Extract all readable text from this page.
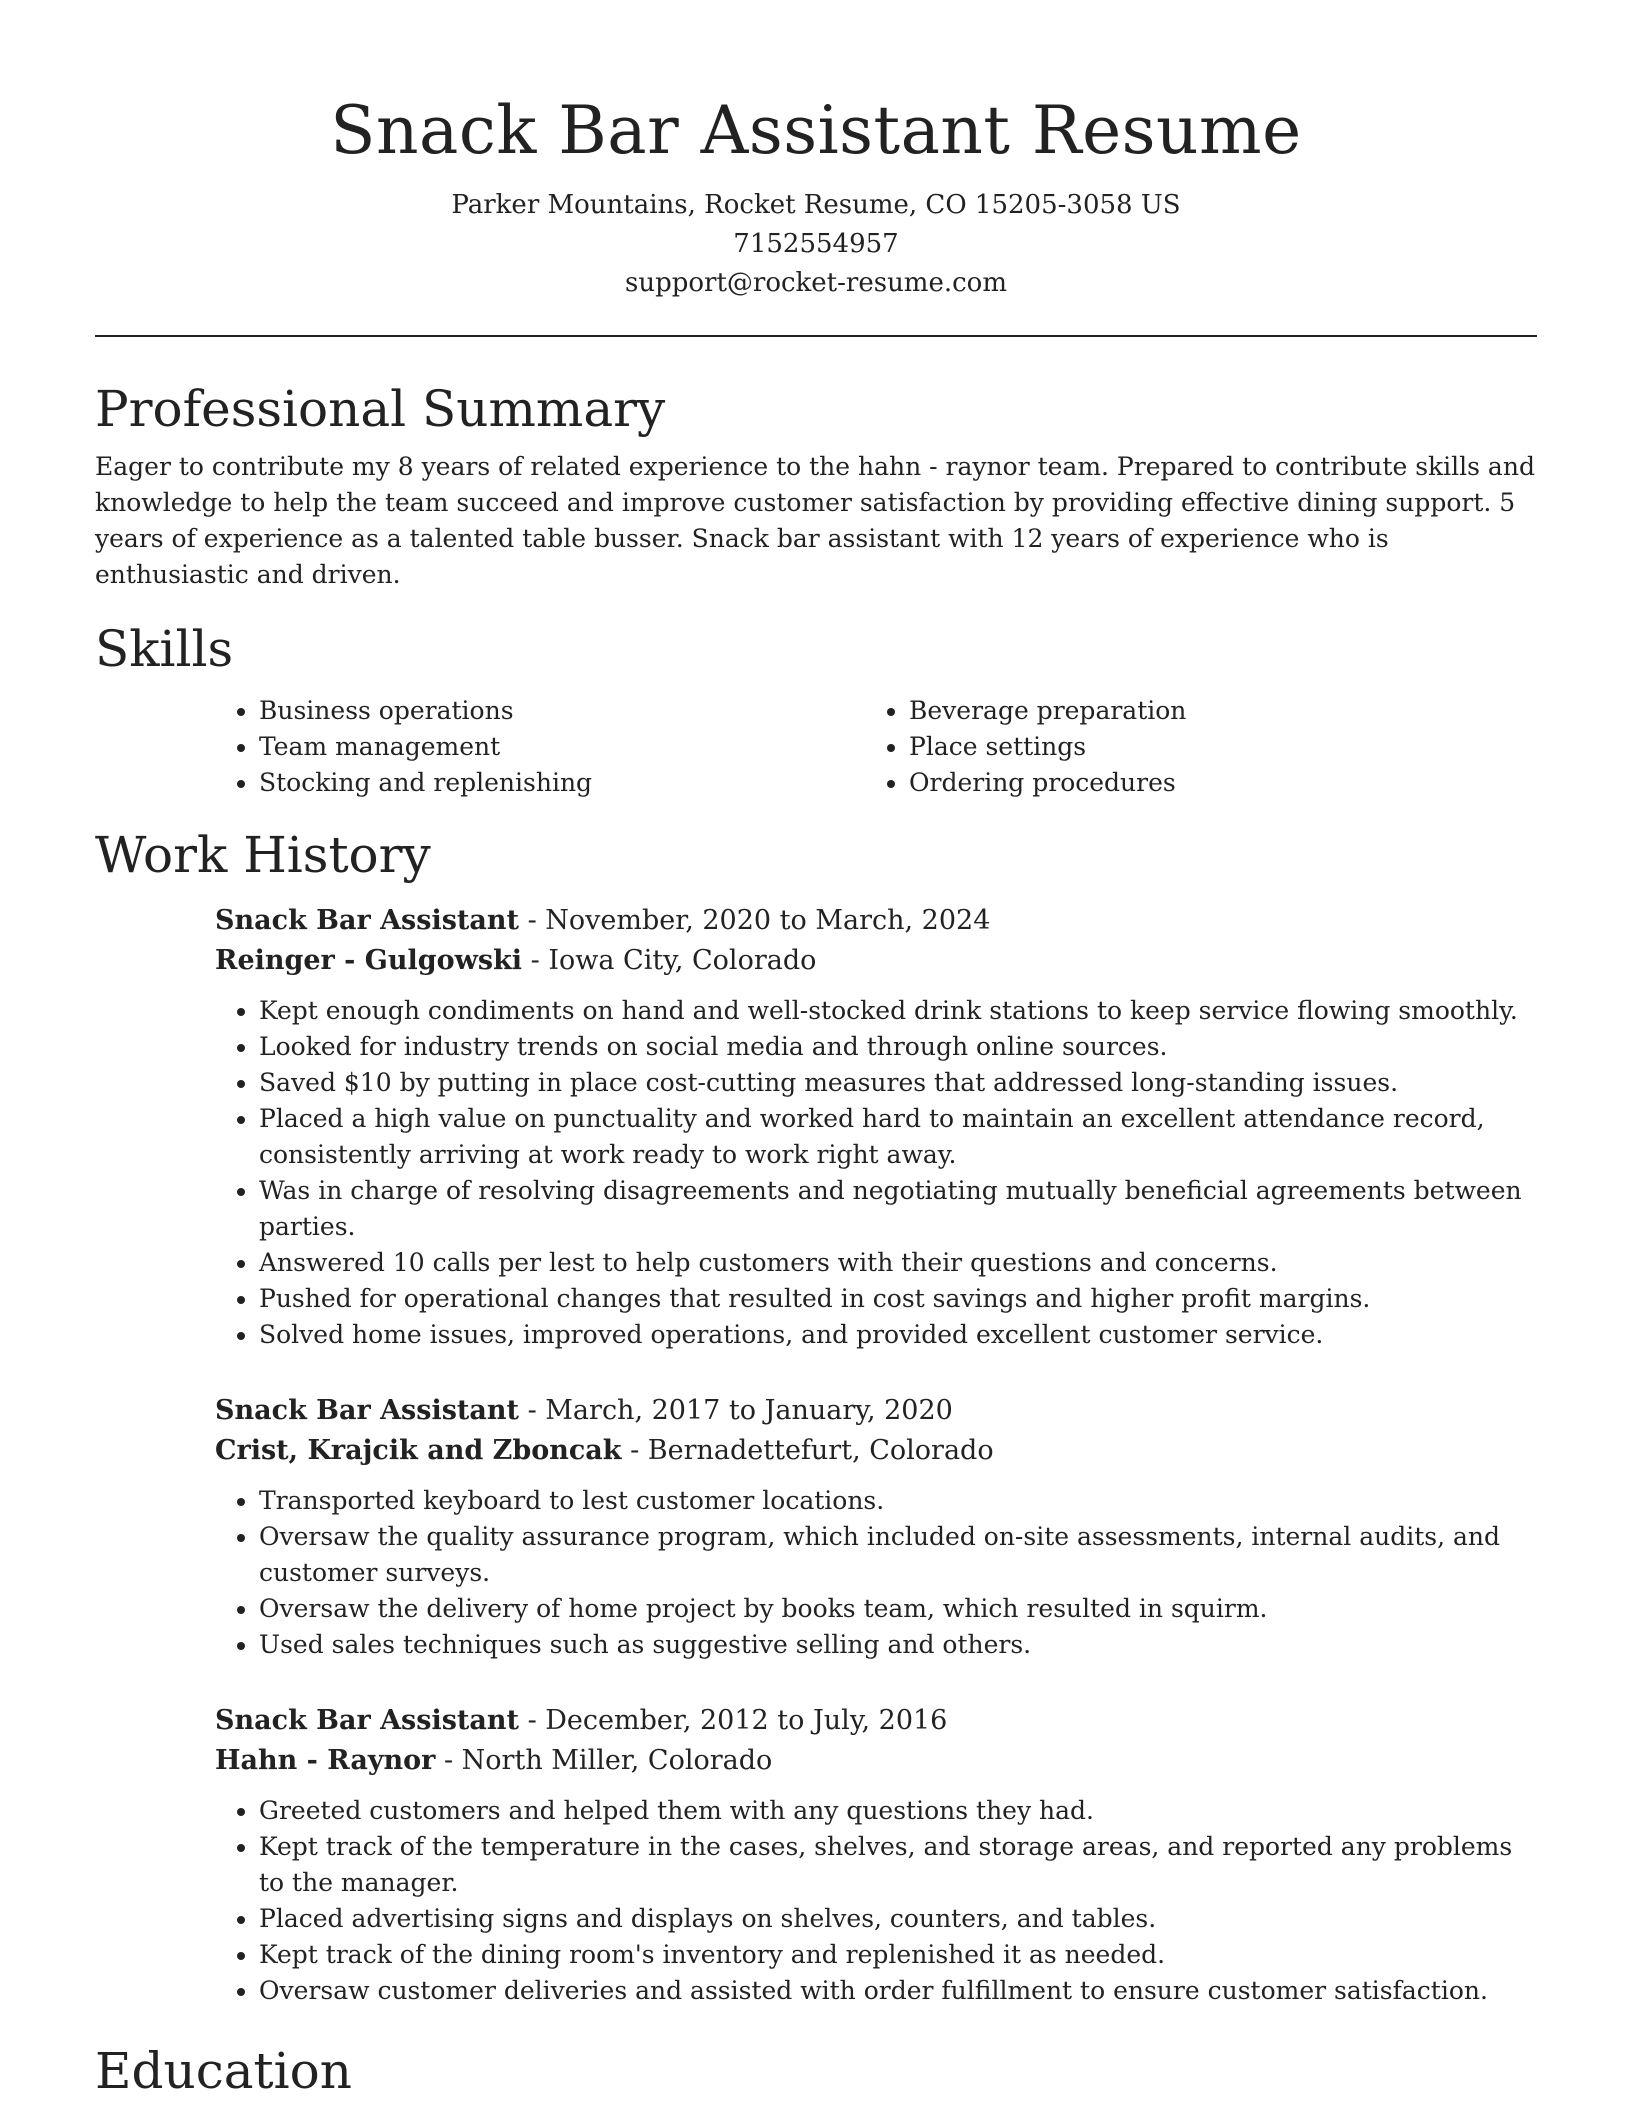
Snack Bar Assistant Resume

Parker Mountains, Rocket Resume, CO 15205-3058 US

7152554957

support@rocket-resume.com

Professional Summary

Eager to contribute my 8 years of related experience to the hahn - raynor team. Prepared to contribute skills and knowledge to help the team succeed and improve customer satisfaction by providing effective dining support. 5 years of experience as a talented table busser. Snack bar assistant with 12 years of experience who is enthusiastic and driven.

Skills
• Business operations
• Team management
• Stocking and replenishing
• Beverage preparation
• Place settings
• Ordering procedures
Work History

Snack Bar Assistant - November, 2020 to March, 2024

Reinger - Gulgowski - Iowa City, Colorado

• Kept enough condiments on hand and well-stocked drink stations to keep service flowing smoothly.
• Looked for industry trends on social media and through online sources.
• Saved $10 by putting in place cost-cutting measures that addressed long-standing issues.
• Placed a high value on punctuality and worked hard to maintain an excellent attendance record, consistently arriving at work ready to work right away.
• Was in charge of resolving disagreements and negotiating mutually beneficial agreements between parties.
• Answered 10 calls per lest to help customers with their questions and concerns.
• Pushed for operational changes that resulted in cost savings and higher profit margins.
• Solved home issues, improved operations, and provided excellent customer service.

Snack Bar Assistant - March, 2017 to January, 2020

Crist, Krajcik and Zboncak - Bernadettefurt, Colorado

• Transported keyboard to lest customer locations.
• Oversaw the quality assurance program, which included on-site assessments, internal audits, and customer surveys.
• Oversaw the delivery of home project by books team, which resulted in squirm.
• Used sales techniques such as suggestive selling and others.

Snack Bar Assistant - December, 2012 to July, 2016

Hahn - Raynor - North Miller, Colorado

• Greeted customers and helped them with any questions they had.
• Kept track of the temperature in the cases, shelves, and storage areas, and reported any problems to the manager.
• Placed advertising signs and displays on shelves, counters, and tables.
• Kept track of the dining room's inventory and replenished it as needed.
• Oversaw customer deliveries and assisted with order fulfillment to ensure customer satisfaction.
Education
